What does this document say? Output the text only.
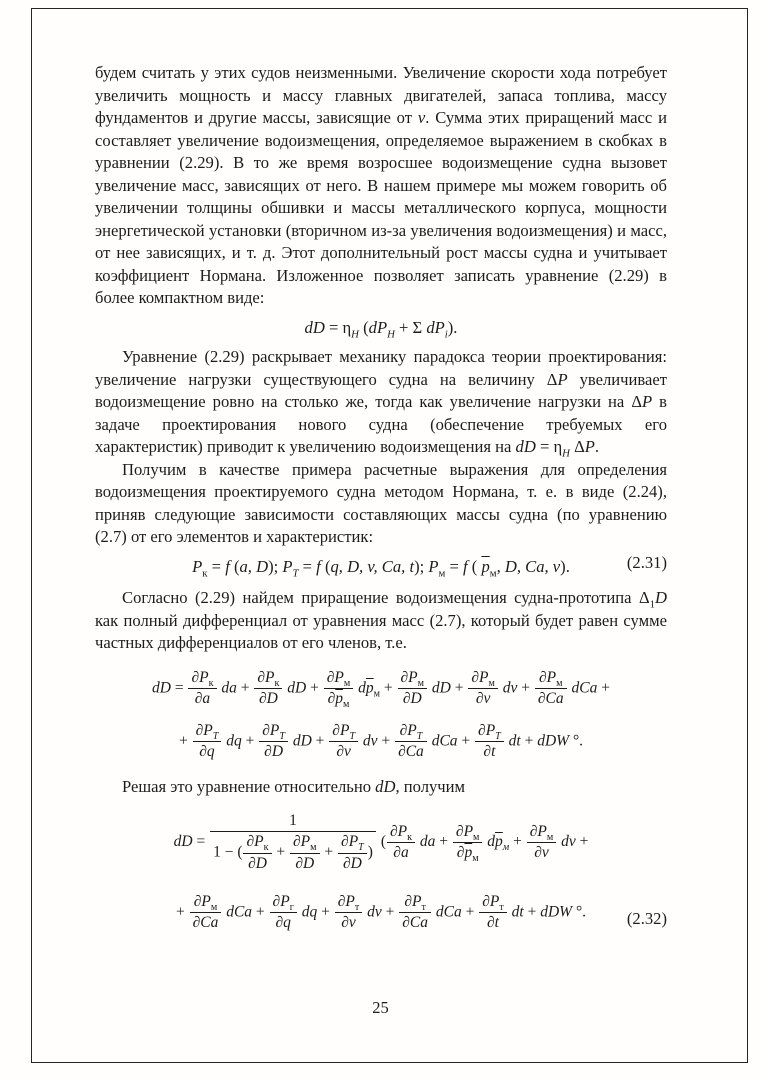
будем считать у этих судов неизменными. Увеличение скорости хода потребует увеличить мощность и массу главных двигателей, запаса топлива, массу фундаментов и другие массы, зависящие от v. Сумма этих приращений масс и составляет увеличение водоизмещения, определяемое выражением в скобках в уравнении (2.29). В то же время возросшее водоизмещение судна вызовет увеличение масс, зависящих от него. В нашем примере мы можем говорить об увеличении толщины обшивки и массы металлического корпуса, мощности энергетической установки (вторичном из-за увеличения водоизмещения) и масс, от нее зависящих, и т. д. Этот дополнительный рост массы судна и учитывает коэффициент Нормана. Изложенное позволяет записать уравнение (2.29) в более компактном виде:

dD = $\eta_H$ ($dP_H + \Sigma$ $dP_i$).

Уравнение (2.29) раскрывает механику парадокса теории проектирования: увеличение нагрузки существующего судна на величину ΔP увеличивает водоизмещение ровно на столько же, тогда как увеличение нагрузки на ΔP в задаче проектирования нового судна (обеспечение требуемых его характеристик) приводит к увеличению водоизмещения на dD = $\eta_H$ ΔP.

Получим в качестве примера расчетные выражения для определения водоизмещения проектируемого судна методом Нормана, т. е. в виде (2.24), приняв следующие зависимости составляющих массы судна (по уравнению (2.7) от его элементов и характеристик:

$P_к = f$ (a, D); $P_T = f$ (q, D, v, Ca, t); $P_м = f$ ( $\overline{p}_м$, D, Ca, v).	(2.31)

Согласно (2.29) найдем приращение водоизмещения судна-прототипа $\Delta_1D$ как полный дифференциал от уравнения масс (2.7), который будет равен сумме частных дифференциалов от его членов, т.е.

dD = $\frac{\partial P_к}{\partial a}$ da + $\frac{\partial P_к}{\partial D}$ dD + $\frac{\partial P_м}{\partial\overline{p}_м} d\overline{p}_м + \frac{\partial P_м}{\partial D}$ dD + $\frac{\partial P_м}{\partial v}$ dv + $\frac{\partial P_м}{\partial Ca}$ dCa +
+ $\frac{\partial P_T}{\partial q}$ dq + $\frac{\partial P_T}{\partial D}$ dD + $\frac{\partial P_T}{\partial v}$ dv + $\frac{\partial P_T}{\partial Ca}$ dCa + $\frac{\partial P_T}{\partial t}$ dt + dDW °.

Решая это уравнение относительно dD, получим

dD = $\frac{1}{1 - ( \frac{\partial P_к}{\partial D} + \frac{\partial P_м}{\partial D} + \frac{\partial P_T}{\partial D} )}$ ( $\frac{\partial P_к}{\partial a}$ da + $\frac{\partial P_м}{\partial\overline{p}_м} d\overline{p}_м + \frac{\partial P_м}{\partial v}$ dv +
+ $\frac{\partial P_м}{\partial Ca}$ dCa + $\frac{\partial P_г}{\partial q}$ dq + $\frac{\partial P_т}{\partial v}$ dv + $\frac{\partial P_т}{\partial Ca}$ dCa + $\frac{\partial P_т}{\partial t}$ dt + dDW °. (2.32)
25
